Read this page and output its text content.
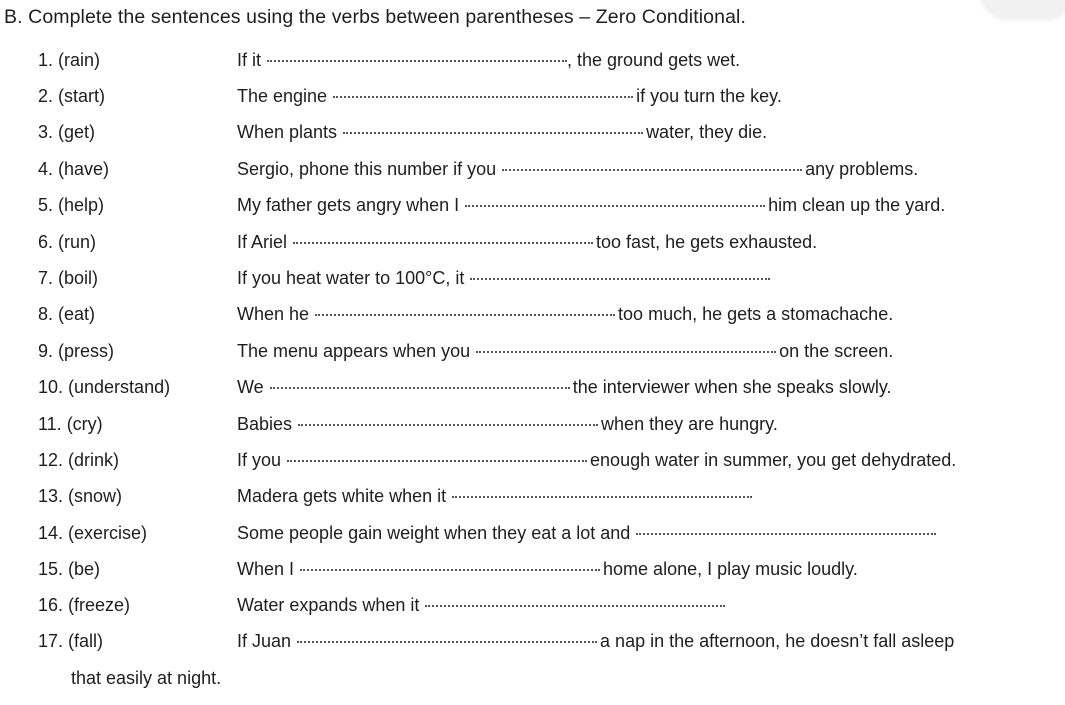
B. Complete the sentences using the verbs between parentheses – Zero Conditional.
1. (rain)	If it	, the ground gets wet.
2. (start)	The engine	if you turn the key.
3. (get)	When plants	water, they die.
4. (have)	Sergio, phone this number if you	any problems.
5. (help)	My father gets angry when I	him clean up the yard.
6. (run)	If Ariel	too fast, he gets exhausted.
7. (boil)	If you heat water to 100°C, it
8. (eat)	When he	too much, he gets a stomachache.
9. (press)	The menu appears when you	on the screen.
10. (understand)	We	the interviewer when she speaks slowly.
11. (cry)	Babies	when they are hungry.
12. (drink)	If you	enough water in summer, you get dehydrated.
13. (snow)	Madera gets white when it
14. (exercise)	Some people gain weight when they eat a lot and
15. (be)	When I	home alone, I play music loudly.
16. (freeze)	Water expands when it
17. (fall)	If Juan	a nap in the afternoon, he doesn’t fall asleep
that easily at night.
